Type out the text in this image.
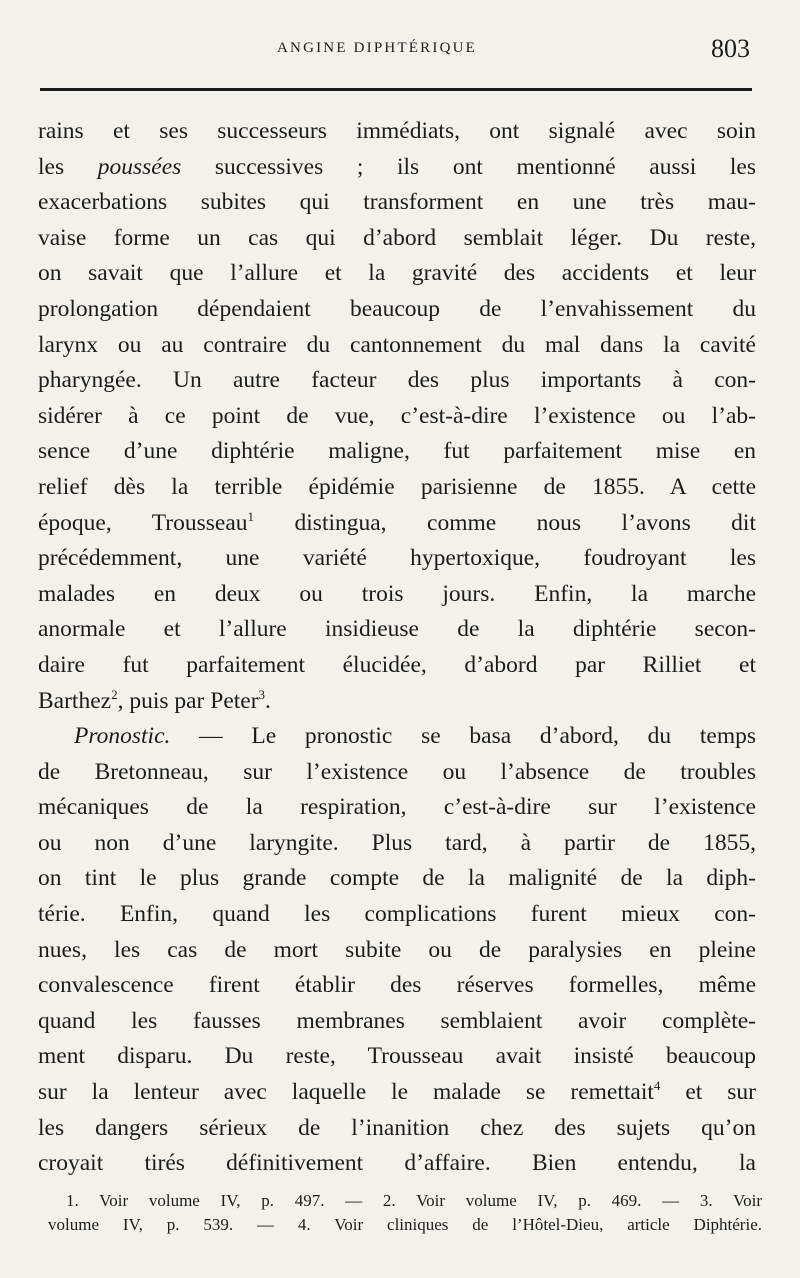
ANGINE DIPHTÉRIQUE	803
rains et ses successeurs immédiats, ont signalé avec soin
les poussées successives ; ils ont mentionné aussi les
exacerbations subites qui transforment en une très mau-
vaise forme un cas qui d’abord semblait léger. Du reste,
on savait que l’allure et la gravité des accidents et leur
prolongation dépendaient beaucoup de l’envahissement du
larynx ou au contraire du cantonnement du mal dans la cavité
pharyngée. Un autre facteur des plus importants à con-
sidérer à ce point de vue, c’est-à-dire l’existence ou l’ab-
sence d’une diphtérie maligne, fut parfaitement mise en
relief dès la terrible épidémie parisienne de 1855. A cette
époque, Trousseau$^1$ distingua, comme nous l’avons dit
précédemment, une variété hypertoxique, foudroyant les
malades en deux ou trois jours. Enfin, la marche
anormale et l’allure insidieuse de la diphtérie secon-
daire fut parfaitement élucidée, d’abord par Rilliet et
Barthez$^2$, puis par Peter$^3$.
Pronostic. — Le pronostic se basa d’abord, du temps
de Bretonneau, sur l’existence ou l’absence de troubles
mécaniques de la respiration, c’est-à-dire sur l’existence
ou non d’une laryngite. Plus tard, à partir de 1855,
on tint le plus grande compte de la malignité de la diph-
térie. Enfin, quand les complications furent mieux con-
nues, les cas de mort subite ou de paralysies en pleine
convalescence firent établir des réserves formelles, même
quand les fausses membranes semblaient avoir complète-
ment disparu. Du reste, Trousseau avait insisté beaucoup
sur la lenteur avec laquelle le malade se remettait$^4$ et sur
les dangers sérieux de l’inanition chez des sujets qu’on
croyait tirés définitivement d’affaire. Bien entendu, la
1. Voir volume IV, p. 497. — 2. Voir volume IV, p. 469. — 3. Voir
volume IV, p. 539. — 4. Voir cliniques de l’Hôtel-Dieu, article Diphtérie.
